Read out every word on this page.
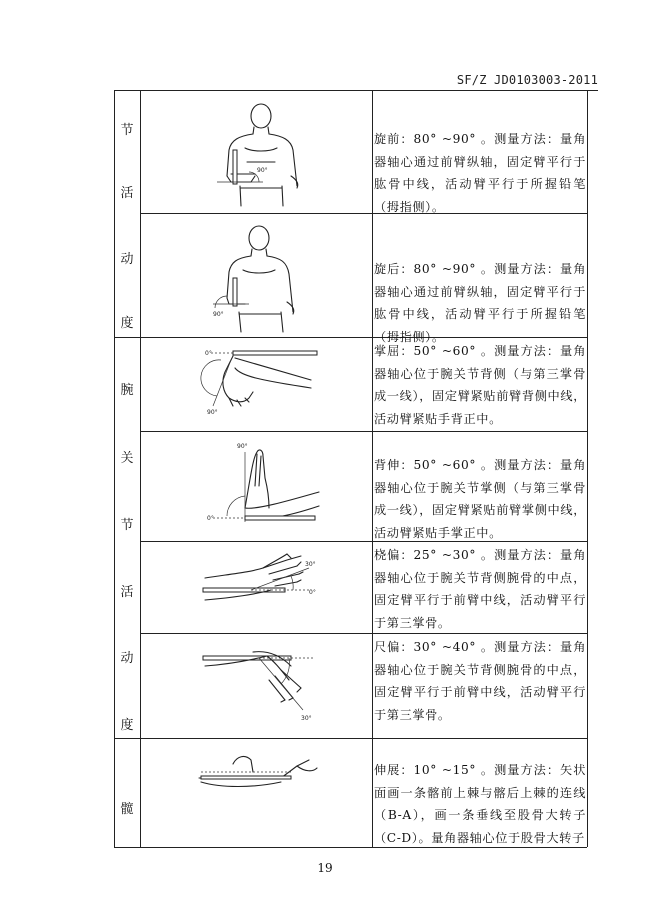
SF/Z JD0103003-2011
节
活
动
度
腕
关
节
活
动
度
髋
旋前：80° ~90° 。测量方法：量角器轴心通过前臂纵轴，固定臂平行于肱骨中线，活动臂平行于所握铅笔（拇指侧）。
旋后：80° ~90° 。测量方法：量角器轴心通过前臂纵轴，固定臂平行于肱骨中线，活动臂平行于所握铅笔（拇指侧）。
掌屈：50° ~60° 。测量方法：量角器轴心位于腕关节背侧（与第三掌骨成一线），固定臂紧贴前臂背侧中线，活动臂紧贴手背正中。
背伸：50° ~60° 。测量方法：量角器轴心位于腕关节掌侧（与第三掌骨成一线），固定臂紧贴前臂掌侧中线，活动臂紧贴手掌正中。
桡偏：25° ~30° 。测量方法：量角器轴心位于腕关节背侧腕骨的中点，固定臂平行于前臂中线，活动臂平行于第三掌骨。
尺偏：30° ~40° 。测量方法：量角器轴心位于腕关节背侧腕骨的中点，固定臂平行于前臂中线，活动臂平行于第三掌骨。
伸展：10° ~15° 。测量方法：矢状面画一条髂前上棘与髂后上棘的连线（B-A），画一条垂线至股骨大转子（C-D）。量角器轴心位于股骨大转子
90°
90°
0°
90°
90°
0°
30°
0°
30°
19
